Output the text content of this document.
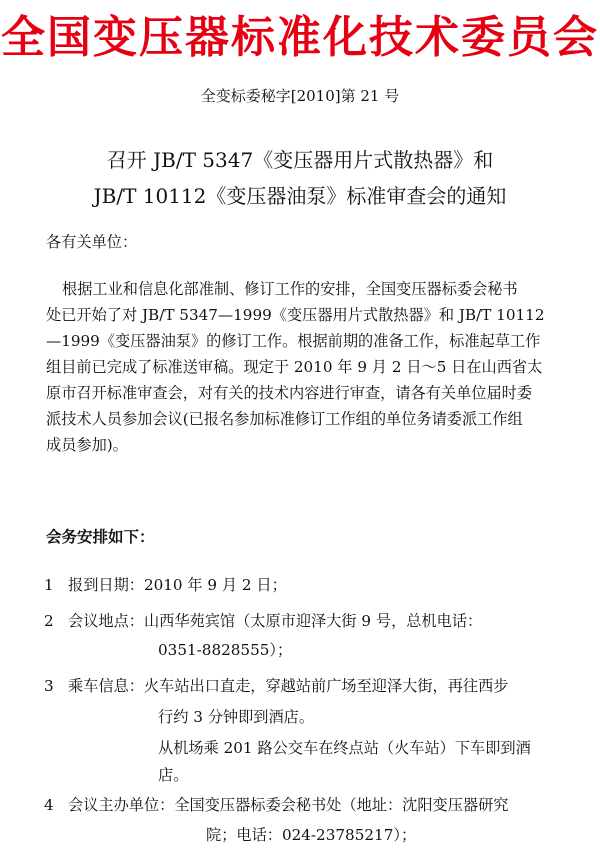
全国变压器标准化技术委员会
全变标委秘字[2010]第 21 号
召开 JB/T 5347《变压器用片式散热器》和
JB/T 10112《变压器油泵》标准审查会的通知
各有关单位：
根据工业和信息化部准制、修订工作的安排，全国变压器标委会秘书
处已开始了对 JB/T 5347—1999《变压器用片式散热器》和 JB/T 10112
—1999《变压器油泵》的修订工作。根据前期的准备工作，标准起草工作
组目前已完成了标准送审稿。现定于 2010 年 9 月 2 日～5 日在山西省太
原市召开标准审查会，对有关的技术内容进行审查，请各有关单位届时委
派技术人员参加会议(已报名参加标准修订工作组的单位务请委派工作组
成员参加)。
会务安排如下：
1 报到日期：2010 年 9 月 2 日；
2 会议地点：山西华苑宾馆（太原市迎泽大街 9 号，总机电话：
0351-8828555）；
3 乘车信息：火车站出口直走，穿越站前广场至迎泽大街，再往西步
行约 3 分钟即到酒店。
从机场乘 201 路公交车在终点站（火车站）下车即到酒
店。
4 会议主办单位：全国变压器标委会秘书处（地址：沈阳变压器研究
院；电话：024-23785217）；
